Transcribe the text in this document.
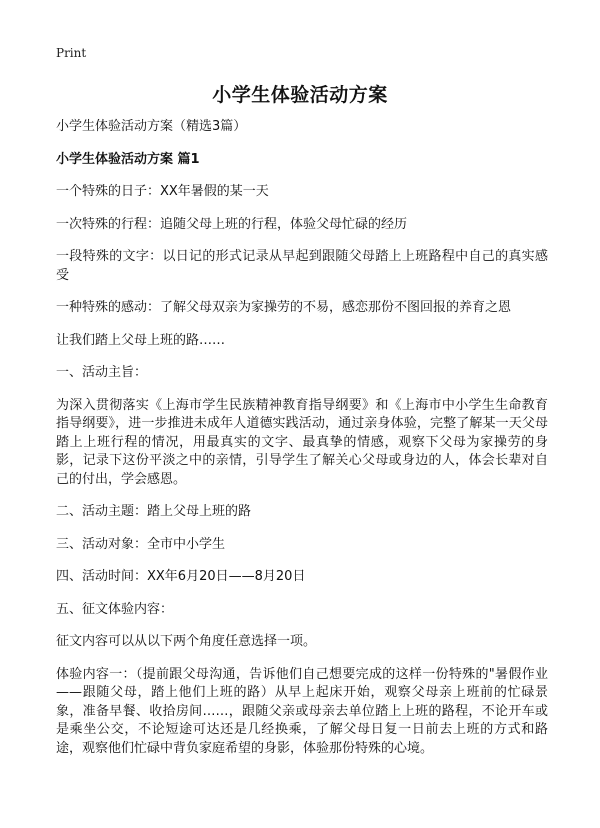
Print
小学生体验活动方案

小学生体验活动方案（精选3篇）

小学生体验活动方案 篇1

一个特殊的日子：XX年暑假的某一天

一次特殊的行程：追随父母上班的行程，体验父母忙碌的经历

一段特殊的文字：以日记的形式记录从早起到跟随父母踏上上班路程中自己的真实感受

一种特殊的感动：了解父母双亲为家操劳的不易，感恋那份不图回报的养育之恩

让我们踏上父母上班的路……

一、活动主旨：

为深入贯彻落实《上海市学生民族精神教育指导纲要》和《上海市中小学生生命教育指导纲要》，进一步推进未成年人道德实践活动，通过亲身体验，完整了解某一天父母踏上上班行程的情况，用最真实的文字、最真挚的情感，观察下父母为家操劳的身影，记录下这份平淡之中的亲情，引导学生了解关心父母或身边的人，体会长辈对自己的付出，学会感恩。

二、活动主题：踏上父母上班的路

三、活动对象：全市中小学生

四、活动时间：XX年6月20日——8月20日

五、征文体验内容：

征文内容可以从以下两个角度任意选择一项。

体验内容一：（提前跟父母沟通，告诉他们自己想要完成的这样一份特殊的"暑假作业——跟随父母，踏上他们上班的路）从早上起床开始，观察父母亲上班前的忙碌景象，准备早餐、收拾房间……，跟随父亲或母亲去单位踏上上班的路程，不论开车或是乘坐公交，不论短途可达还是几经换乘，了解父母日复一日前去上班的方式和路途，观察他们忙碌中背负家庭希望的身影，体验那份特殊的心境。
